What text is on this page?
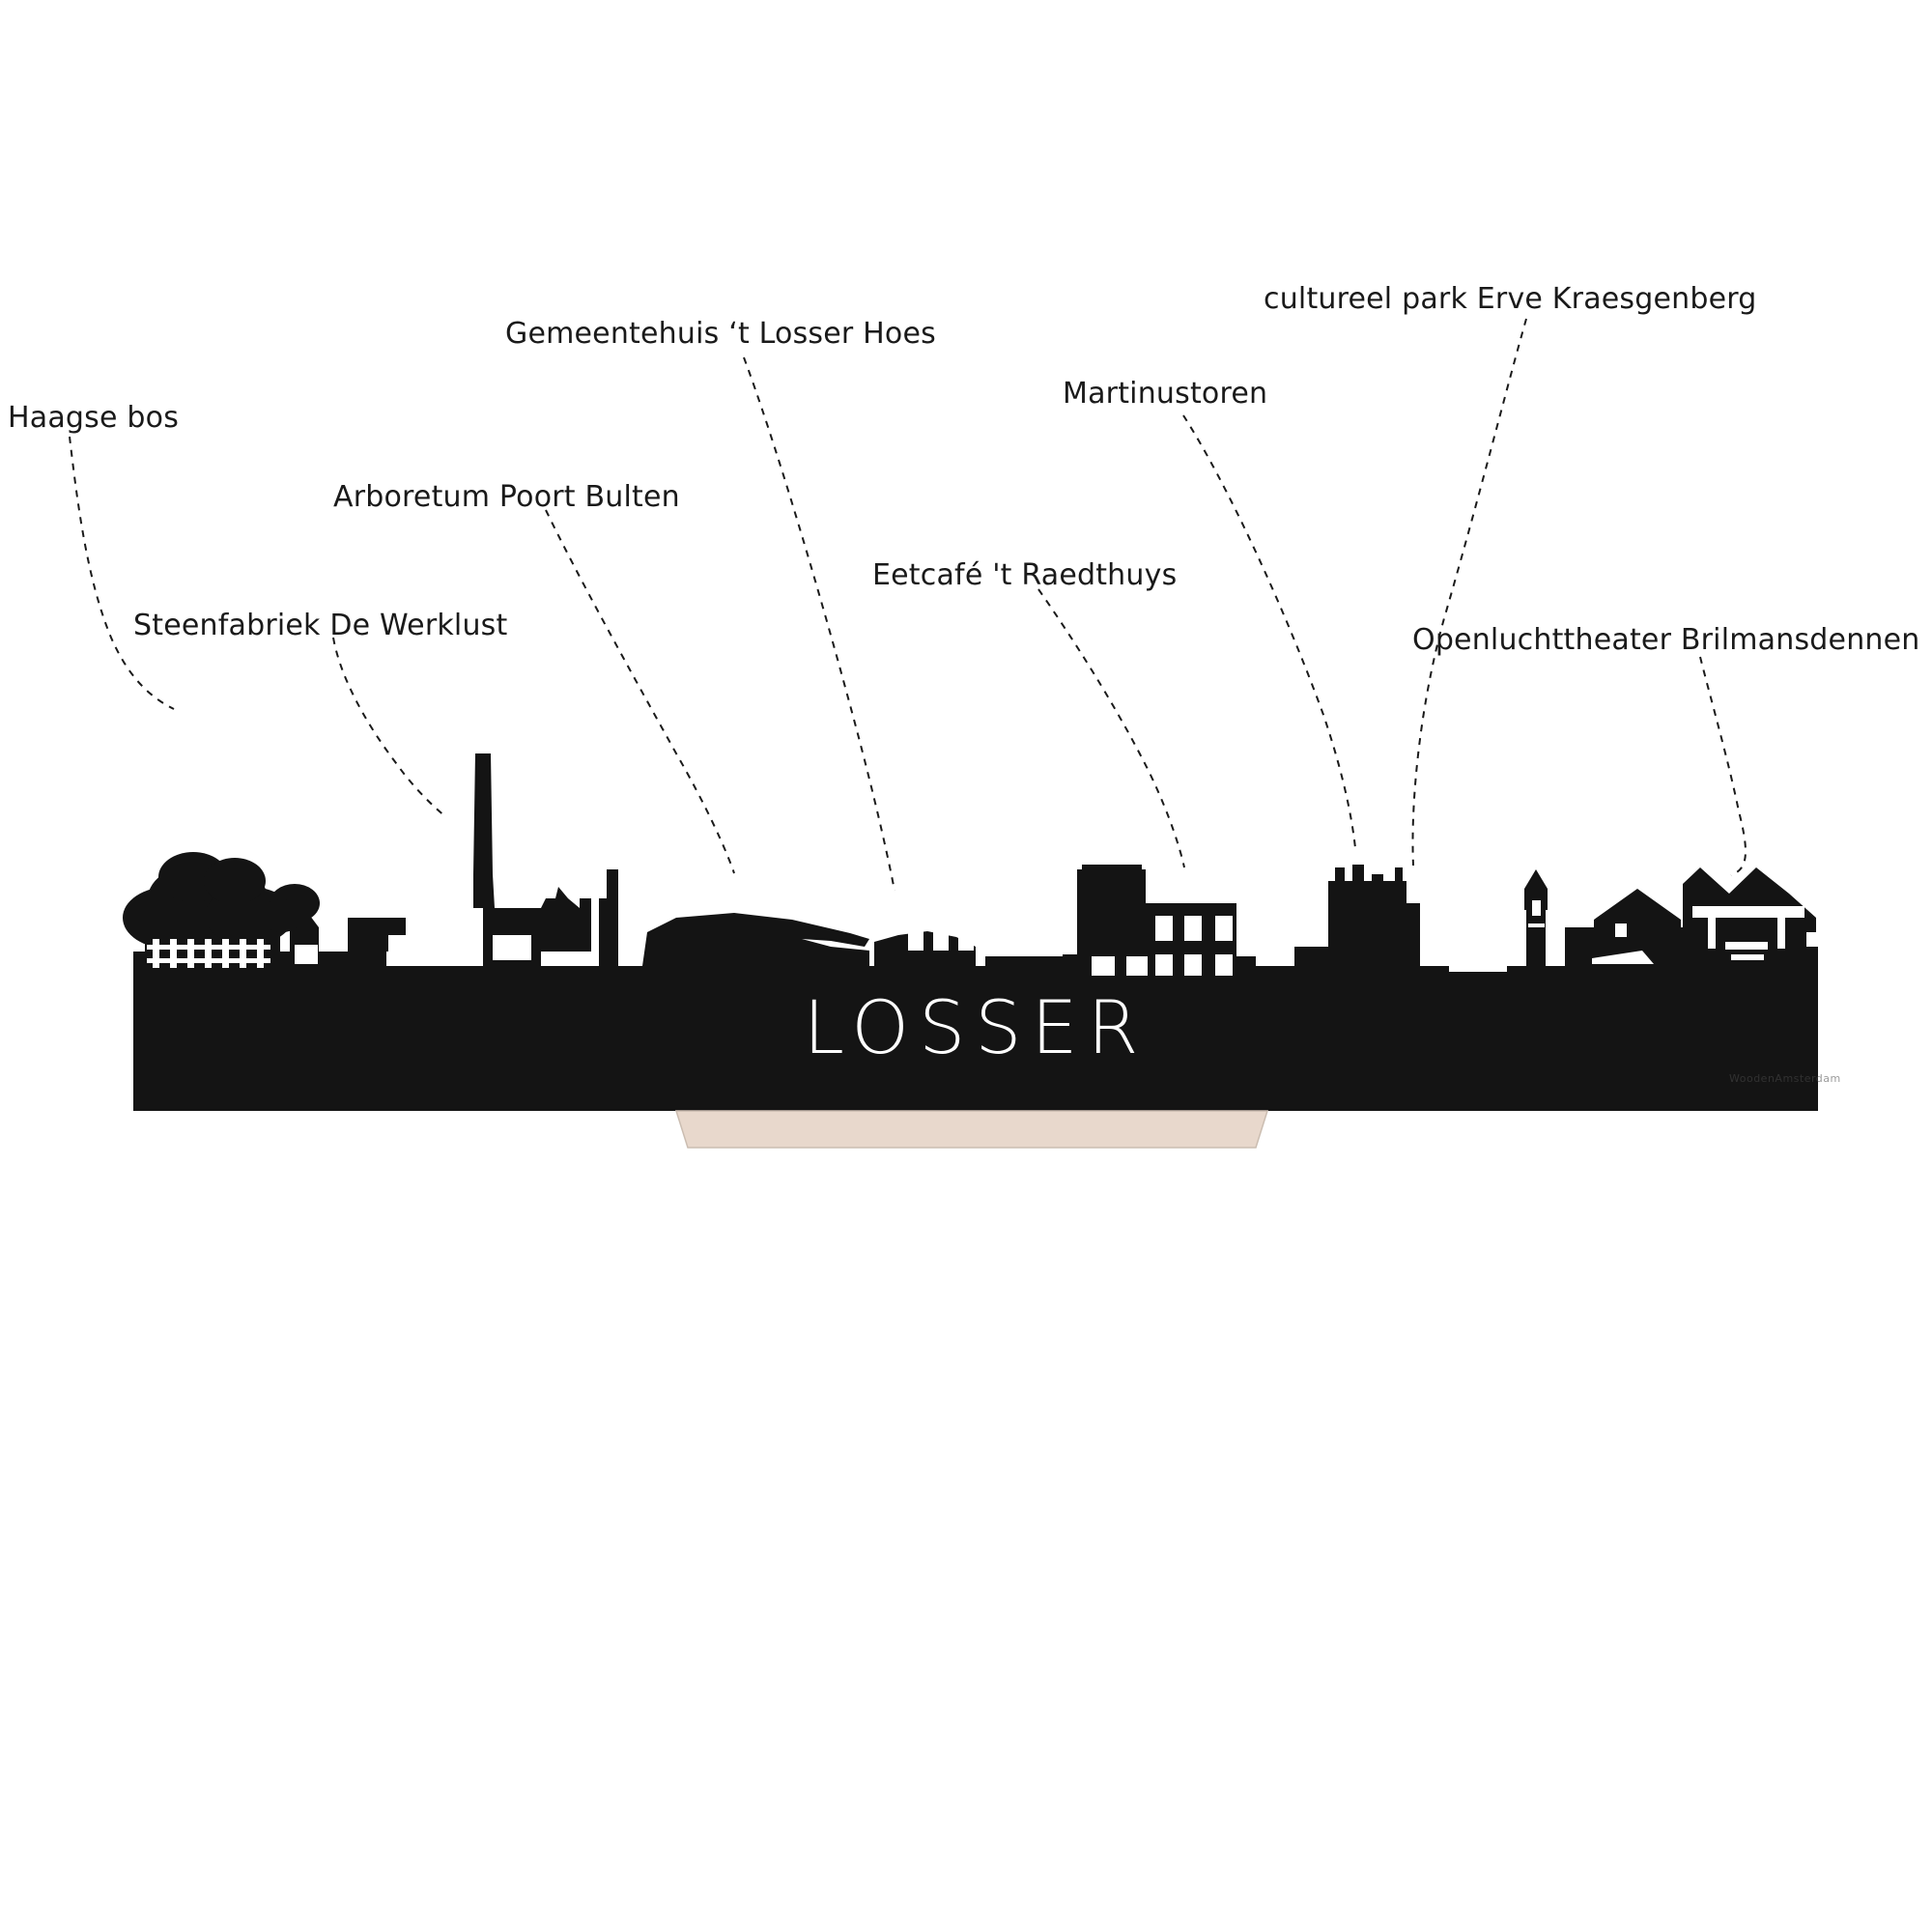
LOSSER
Haagse bos
Steenfabriek De Werklust
Arboretum Poort Bulten
Gemeentehuis ‘t Losser Hoes
Eetcafé 't Raedthuys
Martinustoren
cultureel park Erve Kraesgenberg
Openluchttheater Brilmansdennen
WoodenAmsterdam
